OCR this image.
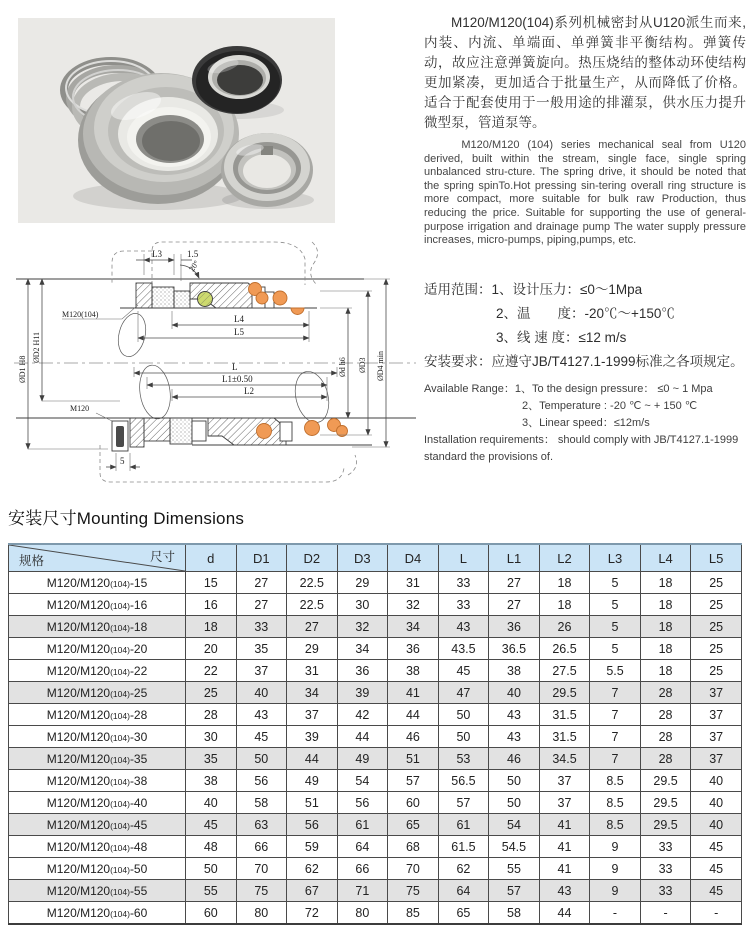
M120/M120(104)系列机械密封从U120派生而来,内装、内流、单端面、单弹簧非平衡结构。弹簧传动，故应注意弹簧旋向。热压烧结的整体动环使结构更加紧凑，更加适合于批量生产，从而降低了价格。适合于配套使用于一般用途的排灌泵，供水压力提升微型泵，管道泵等。

M120/M120 (104) series mechanical seal from U120 derived, built within the stream, single face, single spring unbalanced stru-cture. The spring drive, it should be noted that the spring spinTo.Hot pressing sin-tering overall ring structure is more compact, more suitable for bulk raw Production, thus reducing the price. Suitable for supporting the use of general-purpose irrigation and drainage pump The water supply pressure increases, micro-pumps, piping,pumps, etc.

M120(104)
L3	1.5
20°
L4
L5
ØD1 H8
ØD2 H11
L
L1±0.50
L2
M120
5
Ød h6 ØD3 ØD4 min

适用范围：1、设计压力：≤0～1Mpa

2、温　　度：-20℃～+150℃

3、线 速 度：≤12 m/s

安装要求：应遵守JB/T4127.1-1999标准之各项规定。

Available Range：1、To the design pressure： ≤0 ~ 1 Mpa

2、Temperature : -20 ℃ ~ + 150 ℃

3、Linear speed：≤12m/s

Installation requirements： should comply with JB/T4127.1-1999 standard the provisions of.

安装尺寸Mounting Dimensions
尺寸
规格	d	D1	D2	D3	D4	L	L1	L2	L3	L4	L5
M120/M120(104)-15	15	27	22.5	29	31	33	27	18	5	18	25
M120/M120(104)-16	16	27	22.5	30	32	33	27	18	5	18	25
M120/M120(104)-18	18	33	27	32	34	43	36	26	5	18	25
M120/M120(104)-20	20	35	29	34	36	43.5	36.5	26.5	5	18	25
M120/M120(104)-22	22	37	31	36	38	45	38	27.5	5.5	18	25
M120/M120(104)-25	25	40	34	39	41	47	40	29.5	7	28	37
M120/M120(104)-28	28	43	37	42	44	50	43	31.5	7	28	37
M120/M120(104)-30	30	45	39	44	46	50	43	31.5	7	28	37
M120/M120(104)-35	35	50	44	49	51	53	46	34.5	7	28	37
M120/M120(104)-38	38	56	49	54	57	56.5	50	37	8.5	29.5	40
M120/M120(104)-40	40	58	51	56	60	57	50	37	8.5	29.5	40
M120/M120(104)-45	45	63	56	61	65	61	54	41	8.5	29.5	40
M120/M120(104)-48	48	66	59	64	68	61.5	54.5	41	9	33	45
M120/M120(104)-50	50	70	62	66	70	62	55	41	9	33	45
M120/M120(104)-55	55	75	67	71	75	64	57	43	9	33	45
M120/M120(104)-60	60	80	72	80	85	65	58	44	-	-	-
